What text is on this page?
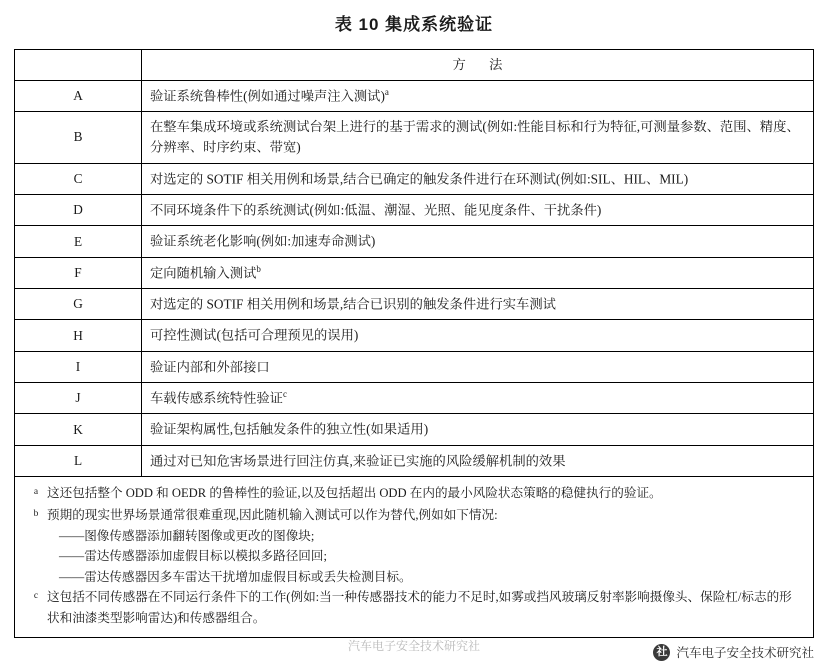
表 10 集成系统验证
	方 法
A	验证系统鲁棒性(例如通过噪声注入测试)$^a$
B	在整车集成环境或系统测试台架上进行的基于需求的测试(例如:性能目标和行为特征,可测量参数、范围、精度、分辨率、时序约束、带宽)
C	对选定的 SOTIF 相关用例和场景,结合已确定的触发条件进行在环测试(例如:SIL、HIL、MIL)
D	不同环境条件下的系统测试(例如:低温、潮湿、光照、能见度条件、干扰条件)
E	验证系统老化影响(例如:加速寿命测试)
F	定向随机输入测试$^b$
G	对选定的 SOTIF 相关用例和场景,结合已识别的触发条件进行实车测试
H	可控性测试(包括可合理预见的误用)
I	验证内部和外部接口
J	车载传感系统特性验证$^c$
K	验证架构属性,包括触发条件的独立性(如果适用)
L	通过对已知危害场景进行回注仿真,来验证已实施的风险缓解机制的效果
a 这还包括整个 ODD 和 OEDR 的鲁棒性的验证,以及包括超出 ODD 在内的最小风险状态策略的稳健执行的验证。
b 预期的现实世界场景通常很难重现,因此随机输入测试可以作为替代,例如如下情况:
——图像传感器添加翻转图像或更改的图像块;
——雷达传感器添加虚假目标以模拟多路径回回;
——雷达传感器因多车雷达干扰增加虚假目标或丢失检测目标。
c 这包括不同传感器在不同运行条件下的工作(例如:当一种传感器技术的能力不足时,如雾或挡风玻璃反射率影响摄像头、保险杠/标志的形状和油漆类型影响雷达)和传感器组合。
汽车电子安全技术研究社	社 汽车电子安全技术研究社
